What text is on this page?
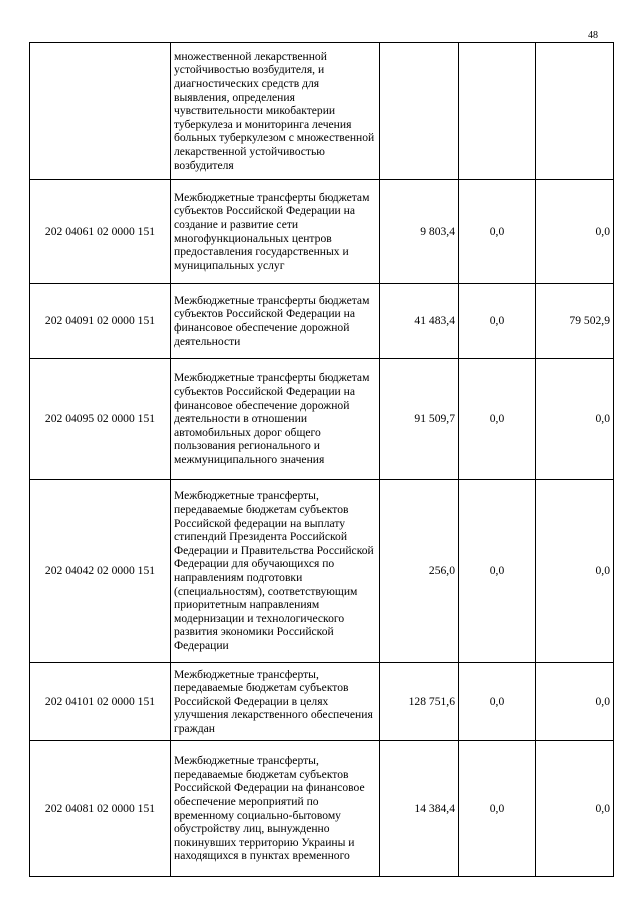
48
	множественной лекарственной устойчивостью возбудителя, и диагностических средств для выявления, определения чувствительности микобактерии туберкулеза и мониторинга лечения больных туберкулезом с множественной лекарственной устойчивостью возбудителя			
202 04061 02 0000 151	Межбюджетные трансферты бюджетам субъектов Российской Федерации на создание и развитие сети многофункциональных центров предоставления государственных и муниципальных услуг	9 803,4	0,0	0,0
202 04091 02 0000 151	Межбюджетные трансферты бюджетам субъектов Российской Федерации на финансовое обеспечение дорожной деятельности	41 483,4	0,0	79 502,9
202 04095 02 0000 151	Межбюджетные трансферты бюджетам субъектов Российской Федерации на финансовое обеспечение дорожной деятельности в отношении автомобильных дорог общего пользования регионального и межмуниципального значения	91 509,7	0,0	0,0
202 04042 02 0000 151	Межбюджетные трансферты, передаваемые бюджетам субъектов Российской федерации на выплату стипендий Президента Российской Федерации и Правительства Российской Федерации для обучающихся по направлениям подготовки (специальностям), соответствующим приоритетным направлениям модернизации и технологического развития экономики Российской Федерации	256,0	0,0	0,0
202 04101 02 0000 151	Межбюджетные трансферты, передаваемые бюджетам субъектов Российской Федерации в целях улучшения лекарственного обеспечения граждан	128 751,6	0,0	0,0
202 04081 02 0000 151	Межбюджетные трансферты, передаваемые бюджетам субъектов Российской Федерации на финансовое обеспечение мероприятий по временному социально-бытовому обустройству лиц, вынужденно покинувших территорию Украины и находящихся в пунктах временного	14 384,4	0,0	0,0
